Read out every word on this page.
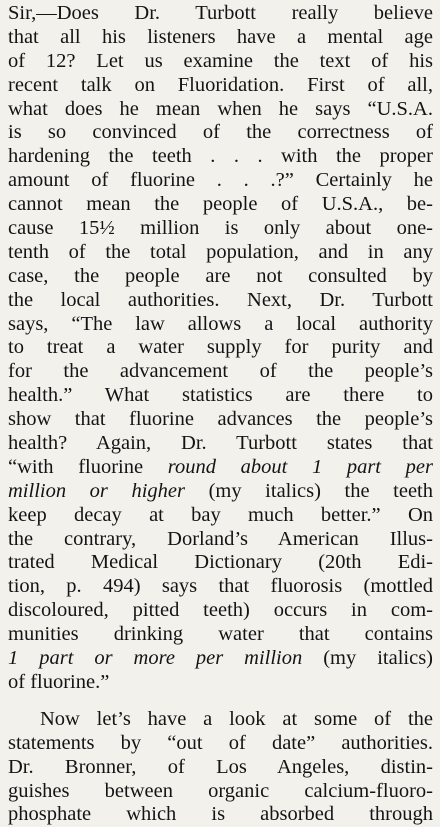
Sir,—Does Dr. Turbott really believe
that all his listeners have a mental age
of 12? Let us examine the text of his
recent talk on Fluoridation. First of all,
what does he mean when he says “U.S.A.
is so convinced of the correctness of
hardening the teeth . . . with the proper
amount of fluorine . . .?” Certainly he
cannot mean the people of U.S.A., be-
cause 15½ million is only about one-
tenth of the total population, and in any
case, the people are not consulted by
the local authorities. Next, Dr. Turbott
says, “The law allows a local authority
to treat a water supply for purity and
for the advancement of the people’s
health.” What statistics are there to
show that fluorine advances the people’s
health? Again, Dr. Turbott states that
“with fluorine round about 1 part per
million or higher (my italics) the teeth
keep decay at bay much better.” On
the contrary, Dorland’s American Illus-
trated Medical Dictionary (20th Edi-
tion, p. 494) says that fluorosis (mottled
discoloured, pitted teeth) occurs in com-
munities drinking water that contains
1 part or more per million (my italics)
of fluorine.”
Now let’s have a look at some of the
statements by “out of date” authorities.
Dr. Bronner, of Los Angeles, distin-
guishes between organic calcium-fluoro-
phosphate which is absorbed through
